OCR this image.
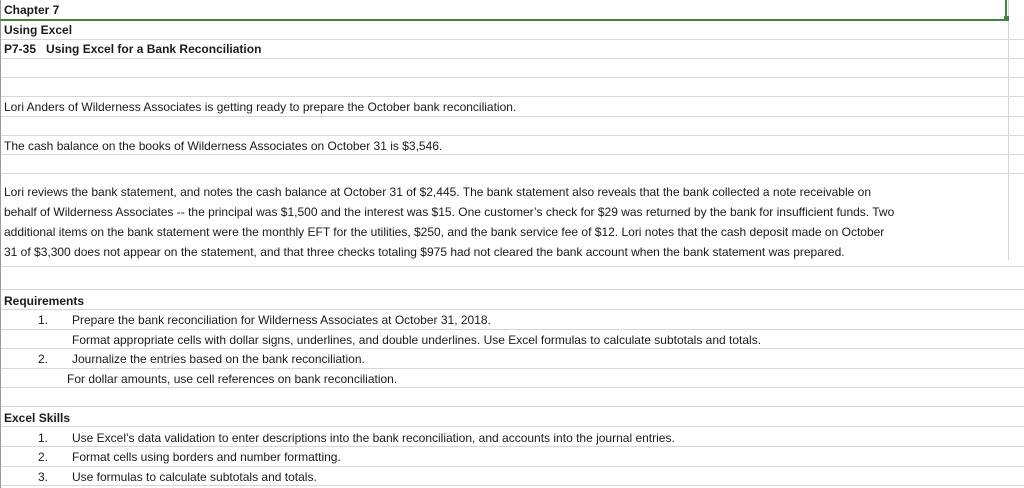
Chapter 7
Using Excel
P7-35   Using Excel for a Bank Reconciliation
Lori Anders of Wilderness Associates is getting ready to prepare the October bank reconciliation.
The cash balance on the books of Wilderness Associates on October 31 is $3,546.
Lori reviews the bank statement, and notes the cash balance at October 31 of $2,445. The bank statement also reveals that the bank collected a note receivable on
behalf of Wilderness Associates -- the principal was $1,500 and the interest was $15. One customer’s check for $29 was returned by the bank for insufficient funds. Two
additional items on the bank statement were the monthly EFT for the utilities, $250, and the bank service fee of $12. Lori notes that the cash deposit made on October
31 of $3,300 does not appear on the statement, and that three checks totaling $975 had not cleared the bank account when the bank statement was prepared.
Requirements
1. Prepare the bank reconciliation for Wilderness Associates at October 31, 2018.
Format appropriate cells with dollar signs, underlines, and double underlines. Use Excel formulas to calculate subtotals and totals.
2. Journalize the entries based on the bank reconciliation.
For dollar amounts, use cell references on bank reconciliation.
Excel Skills
1. Use Excel’s data validation to enter descriptions into the bank reconciliation, and accounts into the journal entries.
2. Format cells using borders and number formatting.
3. Use formulas to calculate subtotals and totals.
